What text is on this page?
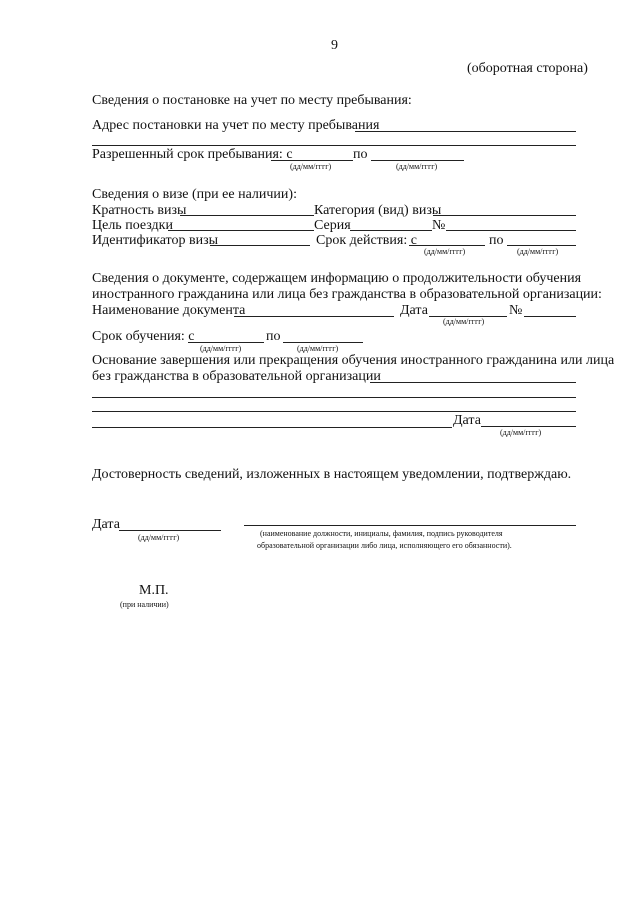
9
(оборотная сторона)
Сведения о постановке на учет по месту пребывания:
Адрес постановки на учет по месту пребывания
Разрешенный срок пребывания: с	по
(дд/мм/гггг)	(дд/мм/гггг)
Сведения о визе (при ее наличии):
Кратность визы	Категория (вид) визы
Цель поездки	Серия	№
Идентификатор визы	Срок действия: с	по
(дд/мм/гггг)	(дд/мм/гггг)
Сведения о документе, содержащем информацию о продолжительности обучения
иностранного гражданина или лица без гражданства в образовательной организации:
Наименование документа	Дата	№
(дд/мм/гггг)
Срок обучения: с	по
(дд/мм/гггг)	(дд/мм/гггг)
Основание завершения или прекращения обучения иностранного гражданина или лица
без гражданства в образовательной организации
Дата
(дд/мм/гггг)
Достоверность сведений, изложенных в настоящем уведомлении, подтверждаю.
Дата
(дд/мм/гггг)	(наименование должности, инициалы, фамилия, подпись руководителя
образовательной организации либо лица, исполняющего его обязанности).
М.П.
(при наличии)
